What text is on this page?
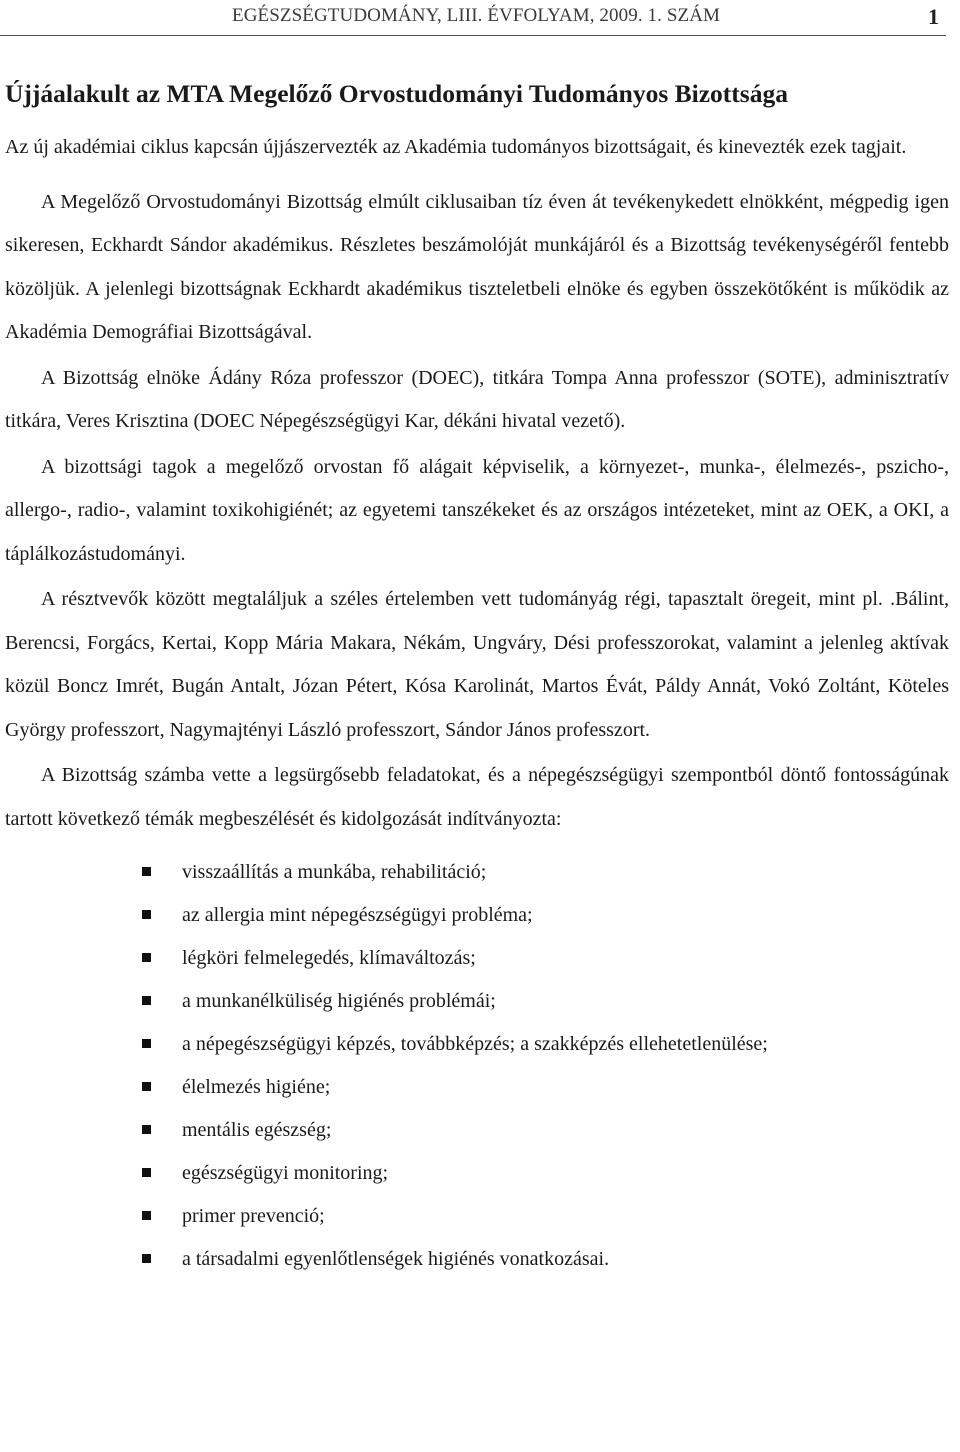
EGÉSZSÉGTUDOMÁNY, LIII. ÉVFOLYAM, 2009. 1. SZÁM	1
Újjáalakult az MTA Megelőző Orvostudományi Tudományos Bizottsága

Az új akadémiai ciklus kapcsán újjászervezték az Akadémia tudományos bizottságait, és kinevezték ezek tagjait.

A Megelőző Orvostudományi Bizottság elmúlt ciklusaiban tíz éven át tevékenykedett elnökként, mégpedig igen sikeresen, Eckhardt Sándor akadémikus. Részletes beszámolóját munkájáról és a Bizottság tevékenységéről fentebb közöljük. A jelenlegi bizottságnak Eckhardt akadémikus tiszteletbeli elnöke és egyben összekötőként is működik az Akadémia Demográfiai Bizottságával.

A Bizottság elnöke Ádány Róza professzor (DOEC), titkára Tompa Anna professzor (SOTE), adminisztratív titkára, Veres Krisztina (DOEC Népegészségügyi Kar, dékáni hivatal vezető).

A bizottsági tagok a megelőző orvostan fő alágait képviselik, a környezet-, munka-, élelmezés-, pszicho-, allergo-, radio-, valamint toxikohigiénét; az egyetemi tanszékeket és az országos intézeteket, mint az OEK, a OKI, a táplálkozástudományi.

A résztvevők között megtaláljuk a széles értelemben vett tudományág régi, tapasztalt öregeit, mint pl. .Bálint, Berencsi, Forgács, Kertai, Kopp Mária Makara, Nékám, Ungváry, Dési professzorokat, valamint a jelenleg aktívak közül Boncz Imrét, Bugán Antalt, Józan Pétert, Kósa Karolinát, Martos Évát, Páldy Annát, Vokó Zoltánt, Köteles György professzort, Nagymajtényi László professzort, Sándor János professzort.

A Bizottság számba vette a legsürgősebb feladatokat, és a népegészségügyi szempontból döntő fontosságúnak tartott következő témák megbeszélését és kidolgozását indítványozta:

visszaállítás a munkába, rehabilitáció;
az allergia mint népegészségügyi probléma;
légköri felmelegedés, klímaváltozás;
a munkanélküliség higiénés problémái;
a népegészségügyi képzés, továbbképzés; a szakképzés ellehetetlenülése;
élelmezés higiéne;
mentális egészség;
egészségügyi monitoring;
primer prevenció;
a társadalmi egyenlőtlenségek higiénés vonatkozásai.
